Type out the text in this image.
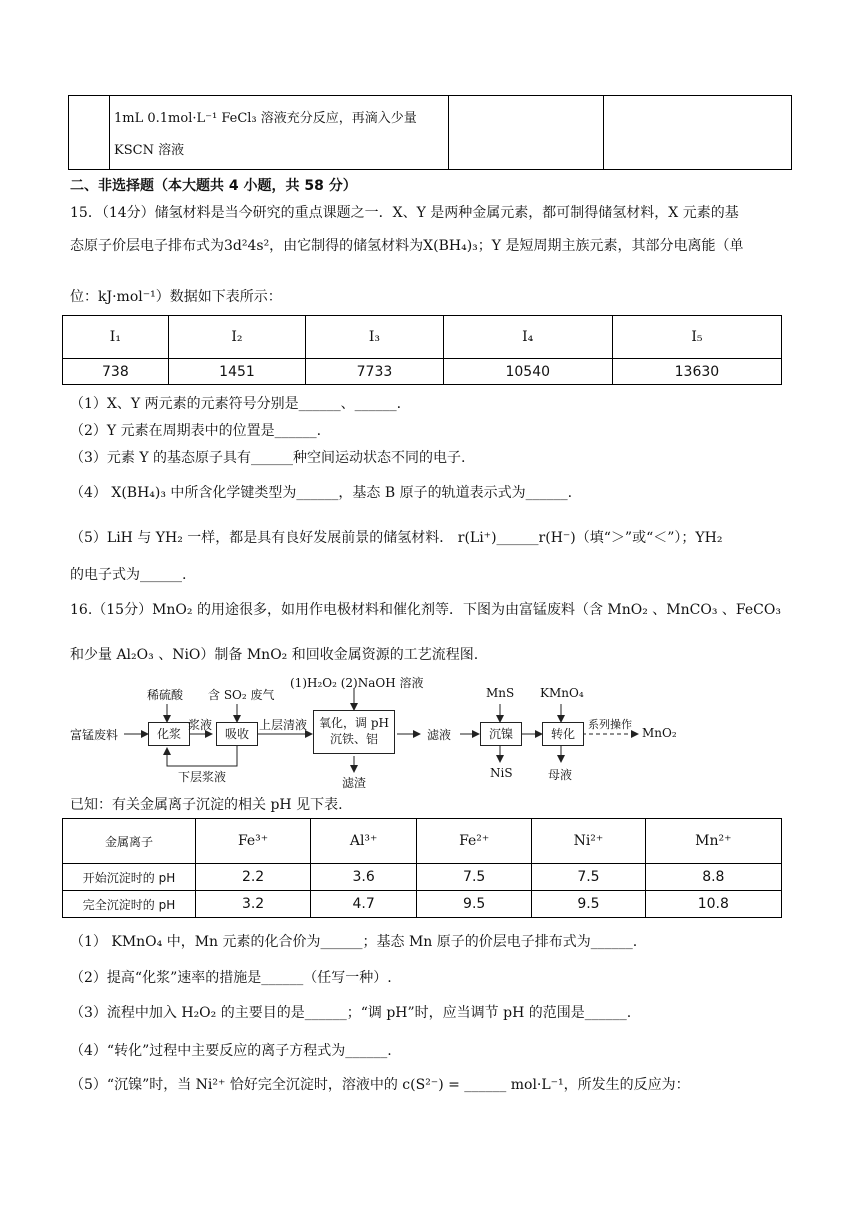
1mL 0.1mol·L⁻¹ FeCl₃ 溶液充分反应，再滴入少量
KSCN 溶液

二、非选择题（本大题共 4 小题，共 58 分）
15．（14分）储氢材料是当今研究的重点课题之一．X、Y 是两种金属元素，都可制得储氢材料，X 元素的基
态原子价层电子排布式为3d²4s²，由它制得的储氢材料为X(BH₄)₃；Y 是短周期主族元素，其部分电离能（单
位：kJ·mol⁻¹）数据如下表所示：
I₁	I₂	I₃	I₄	I₅
738	1451	7733	10540	13630
（1）X、Y 两元素的元素符号分别是______、______.
（2）Y 元素在周期表中的位置是______.
（3）元素 Y 的基态原子具有______种空间运动状态不同的电子.
（4） X(BH₄)₃ 中所含化学键类型为______，基态 B 原子的轨道表示式为______.
（5）LiH 与 YH₂ 一样，都是具有良好发展前景的储氢材料． r(Li⁺)______r(H⁻)（填“＞”或“＜”）；YH₂
的电子式为______.
16.（15分）MnO₂ 的用途很多，如用作电极材料和催化剂等．下图为由富锰废料（含 MnO₂ 、MnCO₃ 、FeCO₃
和少量 Al₂O₃ 、NiO）制备 MnO₂ 和回收金属资源的工艺流程图.
富锰废料
稀硫酸
化浆
浆液
含 SO₂ 废气
吸收
上层清液
下层浆液
(1)H₂O₂ (2)NaOH 溶液
氧化，调 pH
沉铁、铝
滤渣
滤液
MnS
沉镍
NiS
KMnO₄
转化
母液
系列操作
MnO₂
已知：有关金属离子沉淀的相关 pH 见下表.
金属离子	Fe³⁺	Al³⁺	Fe²⁺	Ni²⁺	Mn²⁺
开始沉淀时的 pH	2.2	3.6	7.5	7.5	8.8
完全沉淀时的 pH	3.2	4.7	9.5	9.5	10.8
（1） KMnO₄ 中，Mn 元素的化合价为______；基态 Mn 原子的价层电子排布式为______.
（2）提高“化浆”速率的措施是______（任写一种）.
（3）流程中加入 H₂O₂ 的主要目的是______；“调 pH”时，应当调节 pH 的范围是______.
（4）“转化”过程中主要反应的离子方程式为______.
（5）“沉镍”时，当 Ni²⁺ 恰好完全沉淀时，溶液中的 c(S²⁻) = ______ mol·L⁻¹，所发生的反应为：
